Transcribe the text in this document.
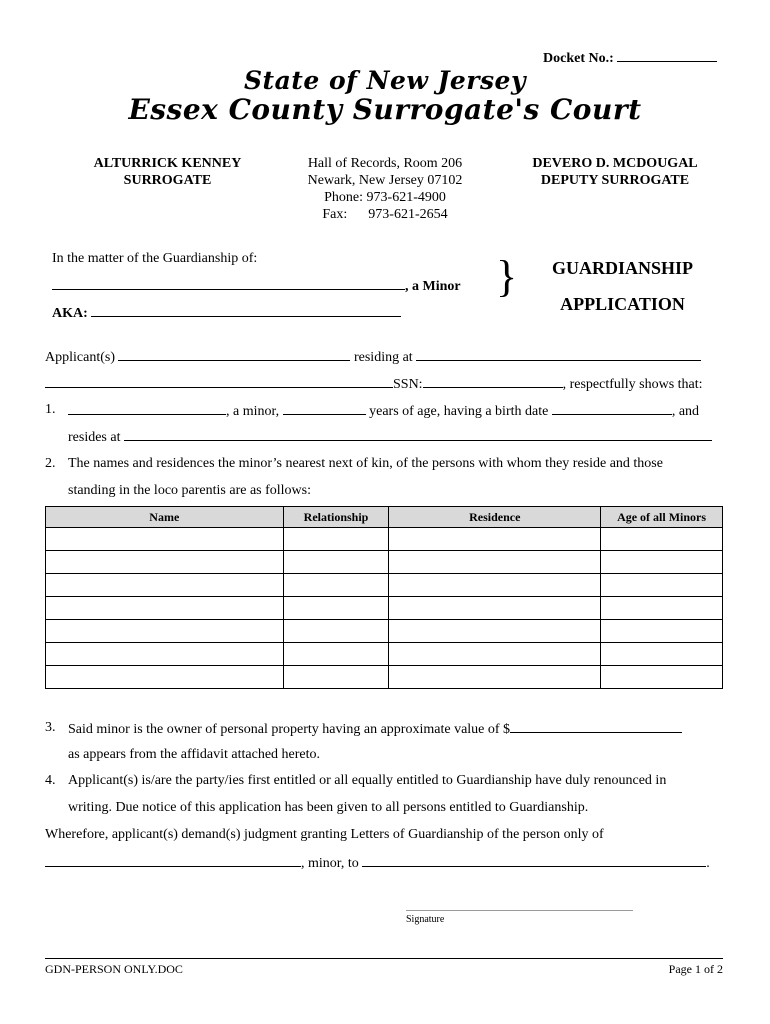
Docket No.:
State of New Jersey
Essex County Surrogate's Court
ALTURRICK KENNEY
SURROGATE
Hall of Records, Room 206
Newark, New Jersey 07102
Phone: 973-621-4900
Fax:      973-621-2654
DEVERO D. MCDOUGAL
DEPUTY SURROGATE
In the matter of the Guardianship of:
, a Minor
AKA:
}	GUARDIANSHIP
APPLICATION
Applicant(s)	residing at
SSN:	, respectfully shows that:
1.	, a minor,	years of age, having a birth date	, and
resides at
2. The names and residences the minor’s nearest next of kin, of the persons with whom they reside and those
standing in the loco parentis are as follows:
Name	Relationship	Residence	Age of all Minors

3. Said minor is the owner of personal property having an approximate value of $
as appears from the affidavit attached hereto.
4. Applicant(s) is/are the party/ies first entitled or all equally entitled to Guardianship have duly renounced in
writing. Due notice of this application has been given to all persons entitled to Guardianship.
Wherefore, applicant(s) demand(s) judgment granting Letters of Guardianship of the person only of
, minor, to	.
Signature
GDN-PERSON ONLY.DOC	Page 1 of 2
